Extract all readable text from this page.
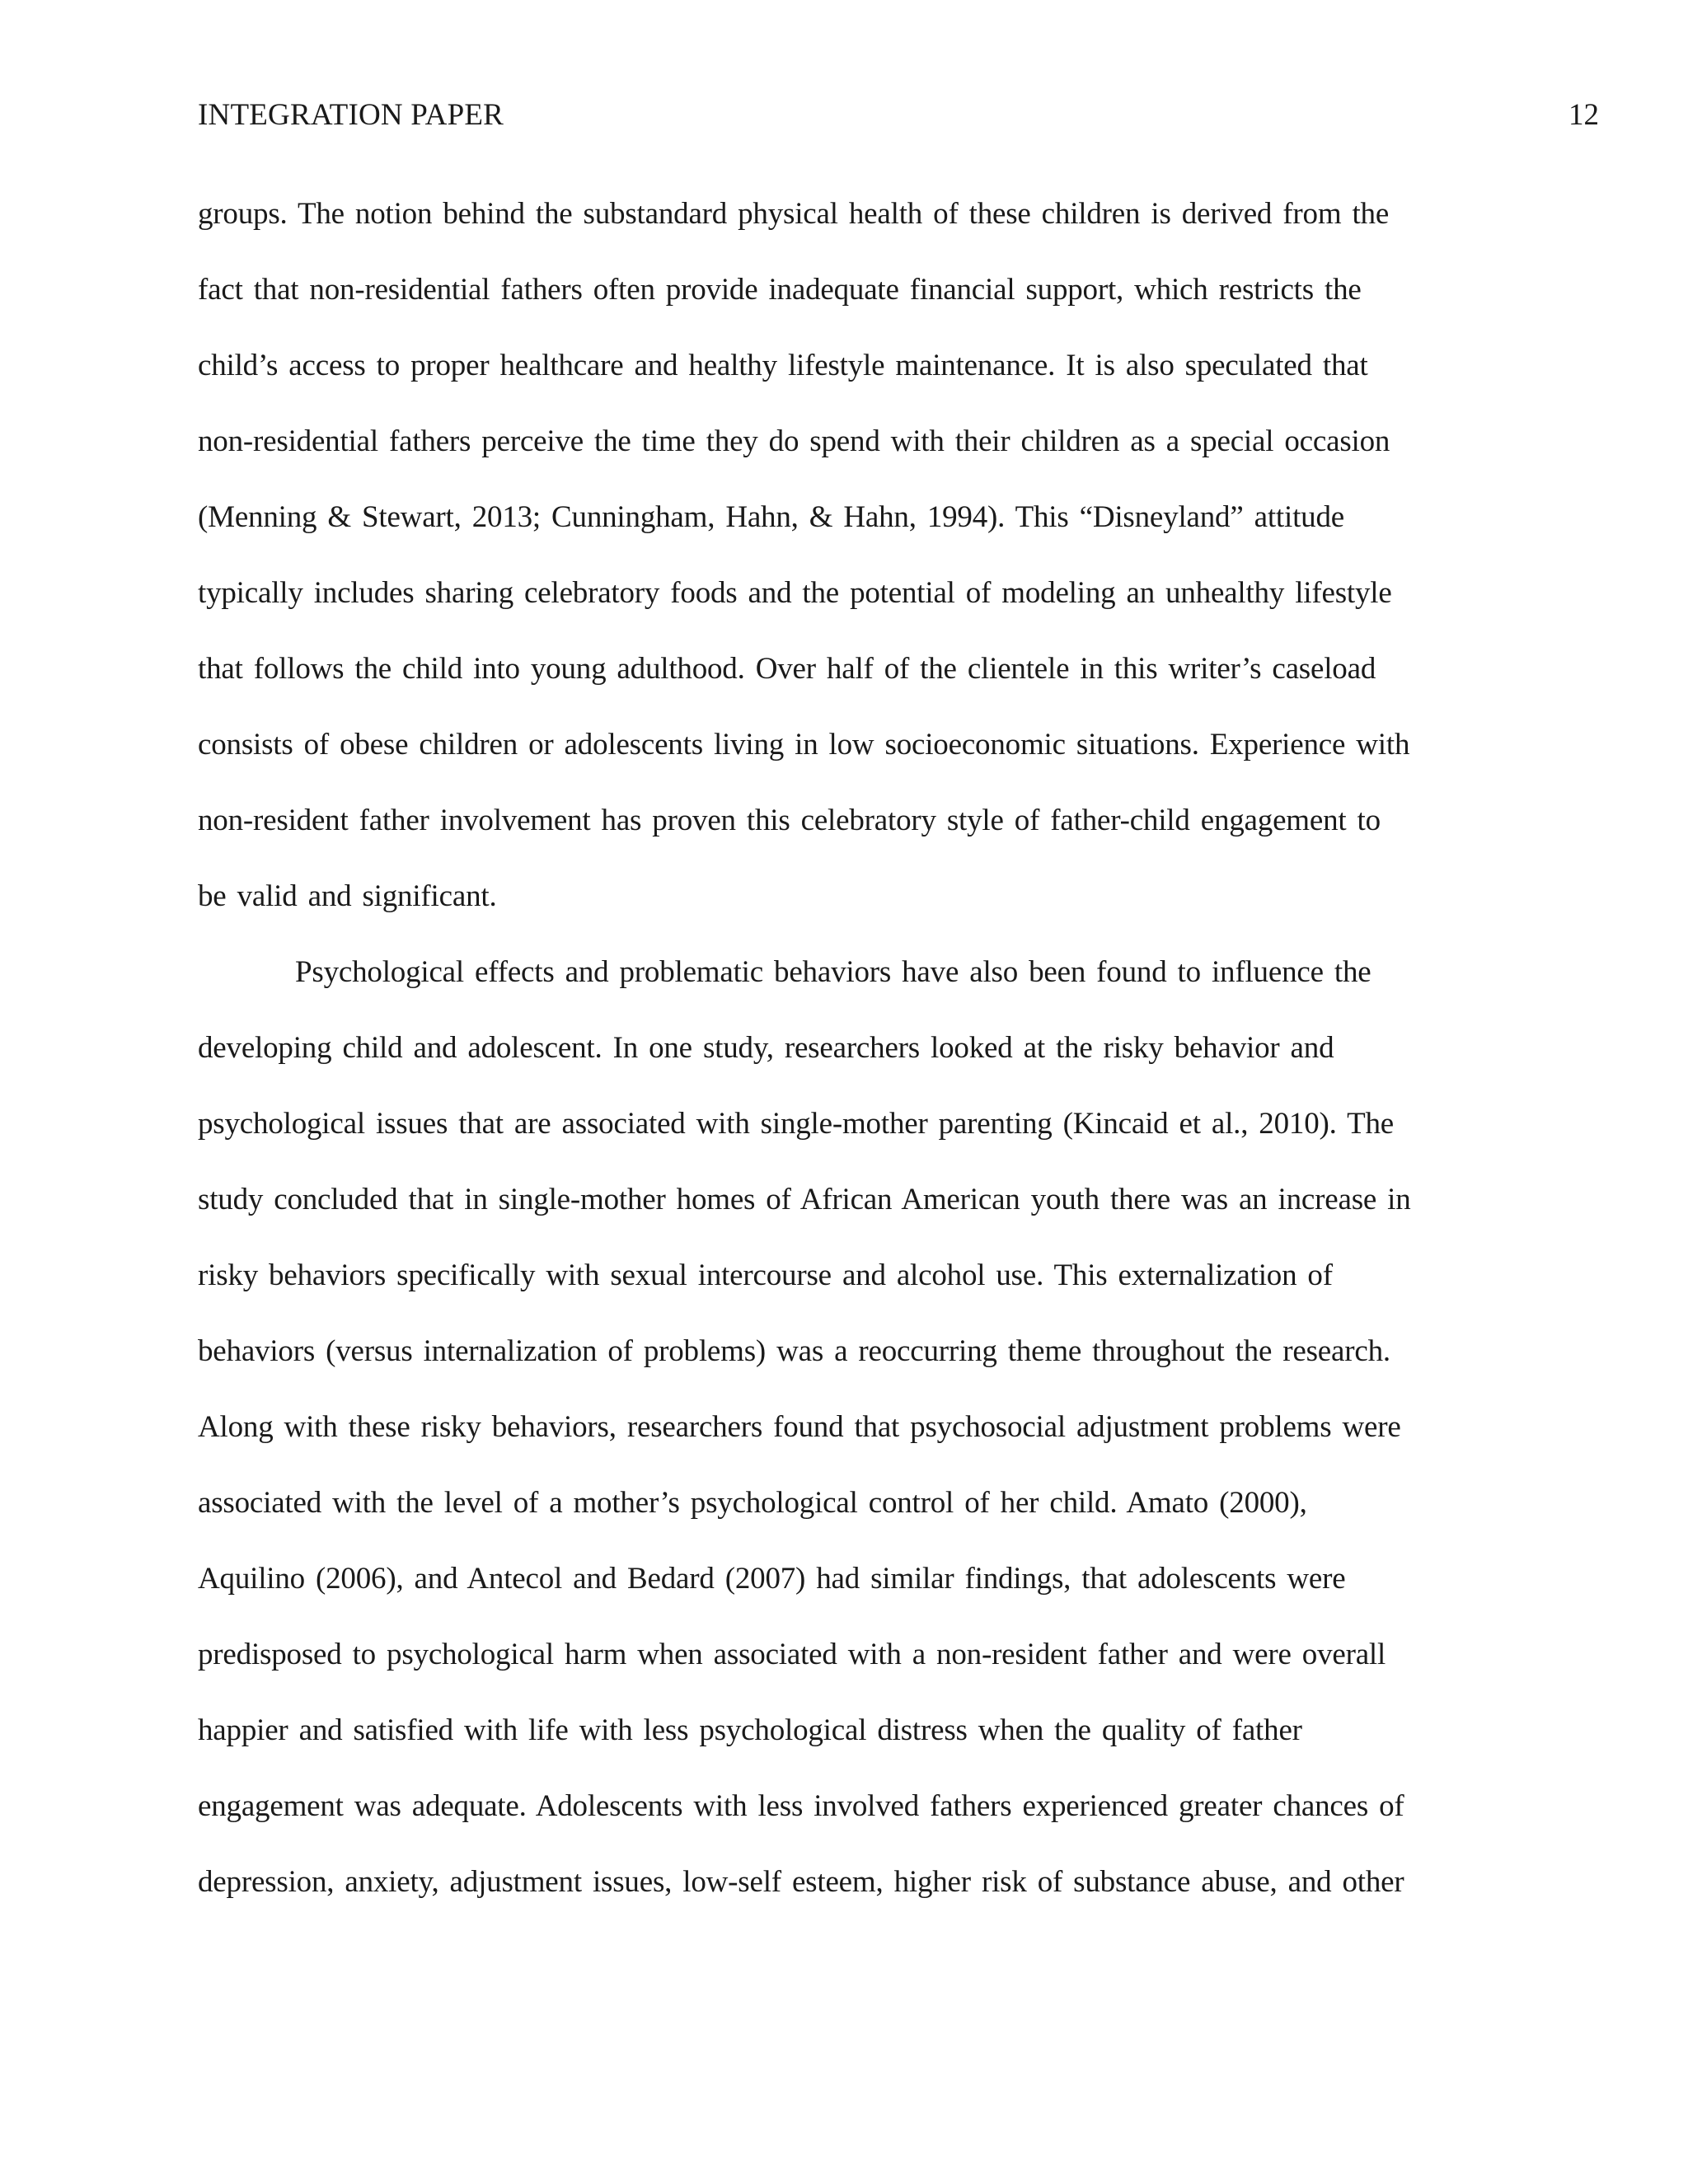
INTEGRATION PAPER	12
groups. The notion behind the substandard physical health of these children is derived from the
fact that non-residential fathers often provide inadequate financial support, which restricts the
child’s access to proper healthcare and healthy lifestyle maintenance. It is also speculated that
non-residential fathers perceive the time they do spend with their children as a special occasion
(Menning & Stewart, 2013; Cunningham, Hahn, & Hahn, 1994). This “Disneyland” attitude
typically includes sharing celebratory foods and the potential of modeling an unhealthy lifestyle
that follows the child into young adulthood. Over half of the clientele in this writer’s caseload
consists of obese children or adolescents living in low socioeconomic situations. Experience with
non-resident father involvement has proven this celebratory style of father-child engagement to
be valid and significant.
Psychological effects and problematic behaviors have also been found to influence the
developing child and adolescent. In one study, researchers looked at the risky behavior and
psychological issues that are associated with single-mother parenting (Kincaid et al., 2010). The
study concluded that in single-mother homes of African American youth there was an increase in
risky behaviors specifically with sexual intercourse and alcohol use. This externalization of
behaviors (versus internalization of problems) was a reoccurring theme throughout the research.
Along with these risky behaviors, researchers found that psychosocial adjustment problems were
associated with the level of a mother’s psychological control of her child. Amato (2000),
Aquilino (2006), and Antecol and Bedard (2007) had similar findings, that adolescents were
predisposed to psychological harm when associated with a non-resident father and were overall
happier and satisfied with life with less psychological distress when the quality of father
engagement was adequate. Adolescents with less involved fathers experienced greater chances of
depression, anxiety, adjustment issues, low-self esteem, higher risk of substance abuse, and other
